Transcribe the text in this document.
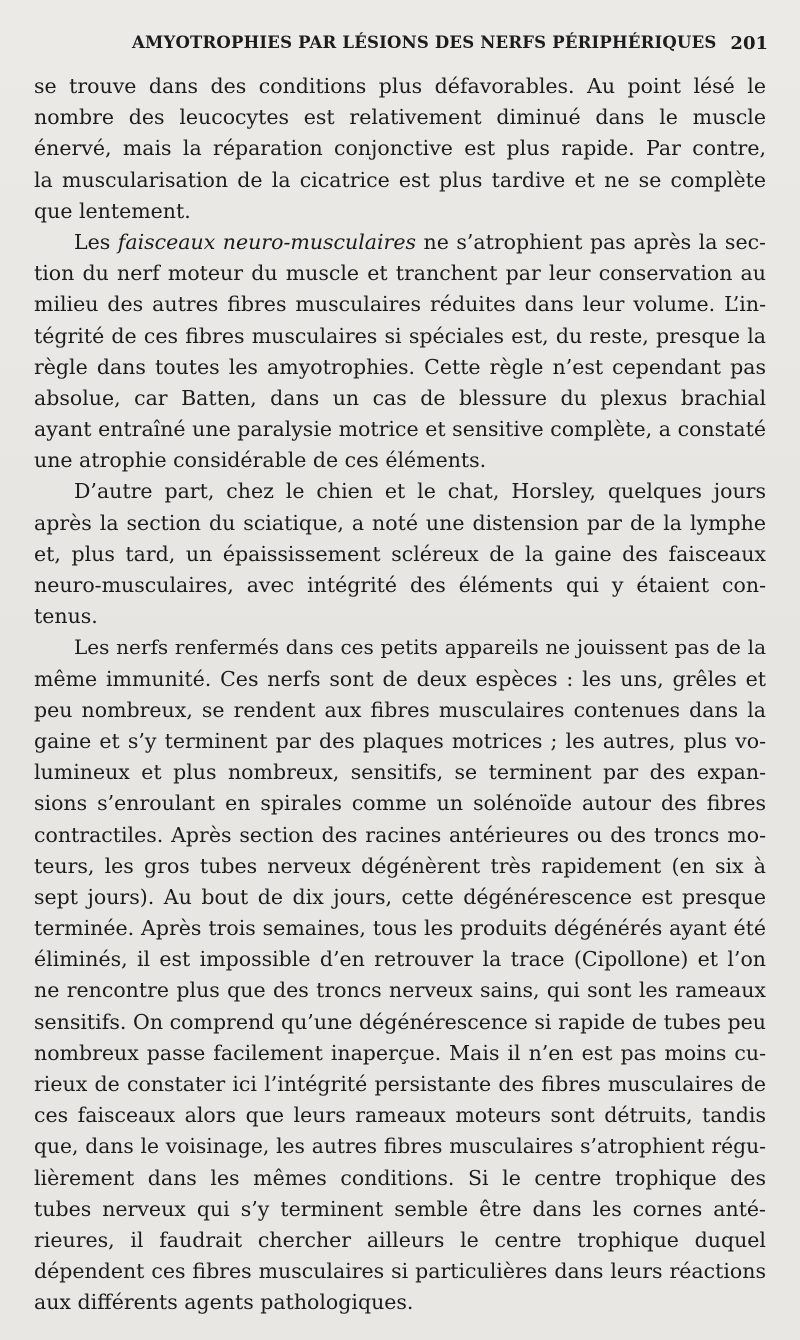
AMYOTROPHIES PAR LÉSIONS DES NERFS PÉRIPHÉRIQUES 201
se trouve dans des conditions plus défavorables. Au point lésé le
nombre des leucocytes est relativement diminué dans le muscle
énervé, mais la réparation conjonctive est plus rapide. Par contre,
la muscularisation de la cicatrice est plus tardive et ne se complète
que lentement.
Les faisceaux neuro-musculaires ne s’atrophient pas après la sec-
tion du nerf moteur du muscle et tranchent par leur conservation au
milieu des autres fibres musculaires réduites dans leur volume. L’in-
tégrité de ces fibres musculaires si spéciales est, du reste, presque la
règle dans toutes les amyotrophies. Cette règle n’est cependant pas
absolue, car Batten, dans un cas de blessure du plexus brachial
ayant entraîné une paralysie motrice et sensitive complète, a constaté
une atrophie considérable de ces éléments.
D’autre part, chez le chien et le chat, Horsley, quelques jours
après la section du sciatique, a noté une distension par de la lymphe
et, plus tard, un épaississement scléreux de la gaine des faisceaux
neuro-musculaires, avec intégrité des éléments qui y étaient con-
tenus.
Les nerfs renfermés dans ces petits appareils ne jouissent pas de la
même immunité. Ces nerfs sont de deux espèces : les uns, grêles et
peu nombreux, se rendent aux fibres musculaires contenues dans la
gaine et s’y terminent par des plaques motrices ; les autres, plus vo-
lumineux et plus nombreux, sensitifs, se terminent par des expan-
sions s’enroulant en spirales comme un solénoïde autour des fibres
contractiles. Après section des racines antérieures ou des troncs mo-
teurs, les gros tubes nerveux dégénèrent très rapidement (en six à
sept jours). Au bout de dix jours, cette dégénérescence est presque
terminée. Après trois semaines, tous les produits dégénérés ayant été
éliminés, il est impossible d’en retrouver la trace (Cipollone) et l’on
ne rencontre plus que des troncs nerveux sains, qui sont les rameaux
sensitifs. On comprend qu’une dégénérescence si rapide de tubes peu
nombreux passe facilement inaperçue. Mais il n’en est pas moins cu-
rieux de constater ici l’intégrité persistante des fibres musculaires de
ces faisceaux alors que leurs rameaux moteurs sont détruits, tandis
que, dans le voisinage, les autres fibres musculaires s’atrophient régu-
lièrement dans les mêmes conditions. Si le centre trophique des
tubes nerveux qui s’y terminent semble être dans les cornes anté-
rieures, il faudrait chercher ailleurs le centre trophique duquel
dépendent ces fibres musculaires si particulières dans leurs réactions
aux différents agents pathologiques.
